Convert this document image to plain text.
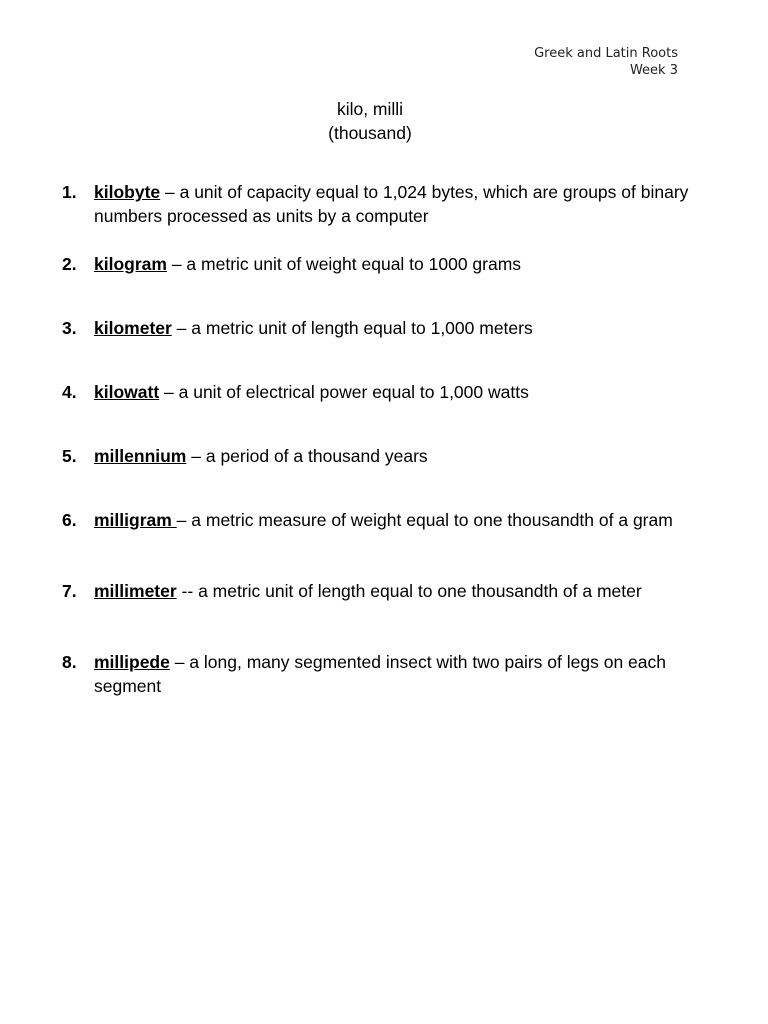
Greek and Latin Roots
Week 3
kilo, milli
(thousand)
1. kilobyte – a unit of capacity equal to 1,024 bytes, which are groups of binary numbers processed as units by a computer
2. kilogram – a metric unit of weight equal to 1000 grams
3. kilometer – a metric unit of length equal to 1,000 meters
4. kilowatt – a unit of electrical power equal to 1,000 watts
5. millennium – a period of a thousand years
6. milligram – a metric measure of weight equal to one thousandth of a gram
7. millimeter -- a metric unit of length equal to one thousandth of a meter
8. millipede – a long, many segmented insect with two pairs of legs on each segment
